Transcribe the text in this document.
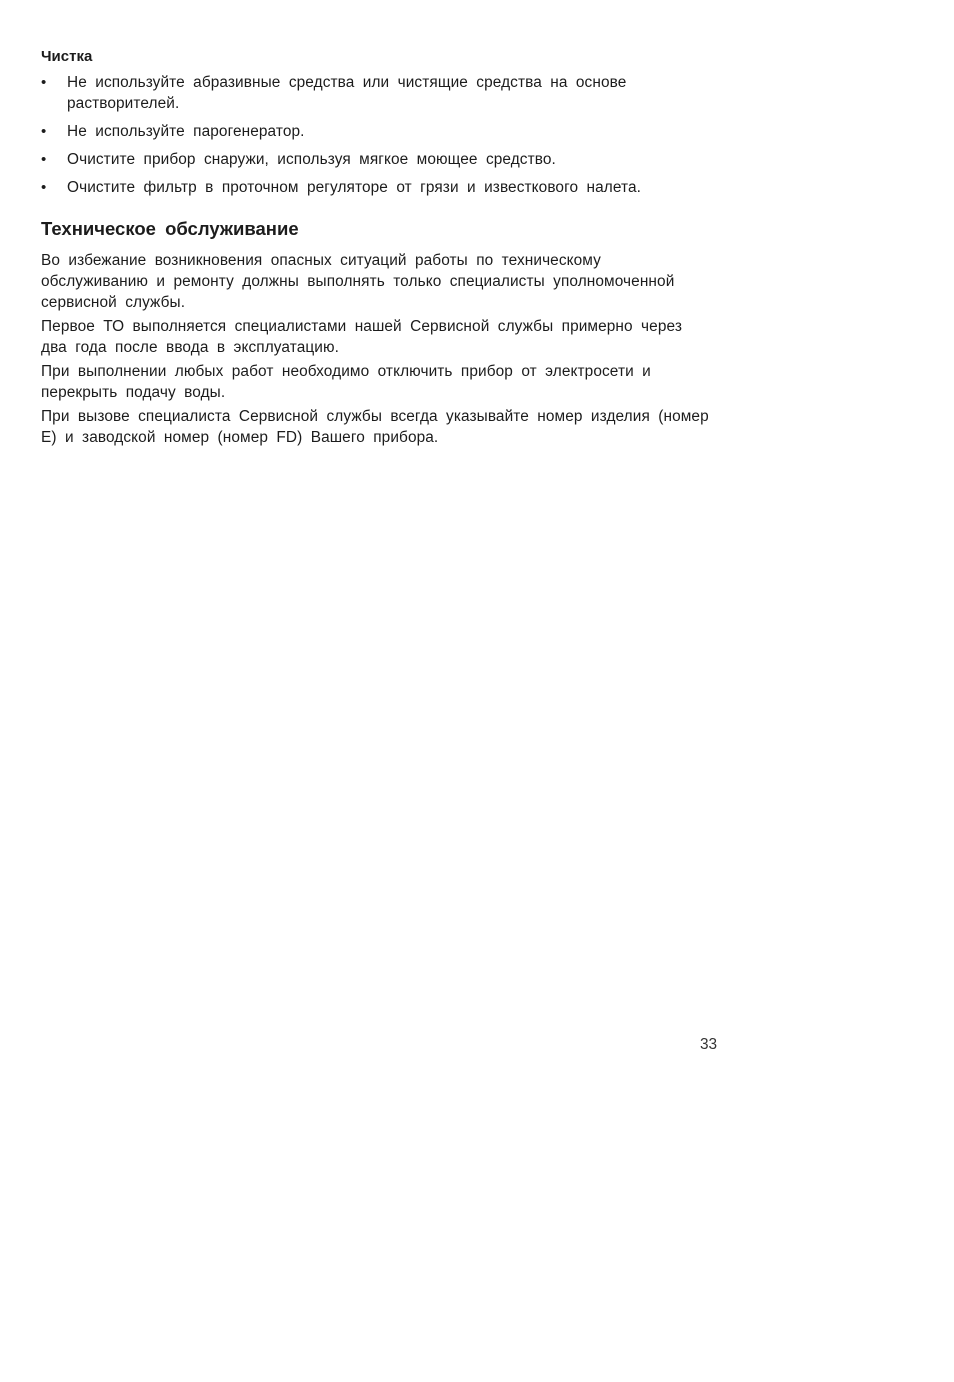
Чистка
• Не используйте абразивные средства или чистящие средства на основе растворителей.
• Не используйте парогенератор.
• Очистите прибор снаружи, используя мягкое моющее средство.
• Очистите фильтр в проточном регуляторе от грязи и известкового налета.
Техническое обслуживание

Во избежание возникновения опасных ситуаций работы по техническому обслуживанию и ремонту должны выполнять только специалисты уполномоченной сервисной службы.

Первое ТО выполняется специалистами нашей Сервисной службы примерно через два года после ввода в эксплуатацию.

При выполнении любых работ необходимо отключить прибор от электросети и перекрыть подачу воды.

При вызове специалиста Сервисной службы всегда указывайте номер изделия (номер E) и заводской номер (номер FD) Вашего прибора.

33
